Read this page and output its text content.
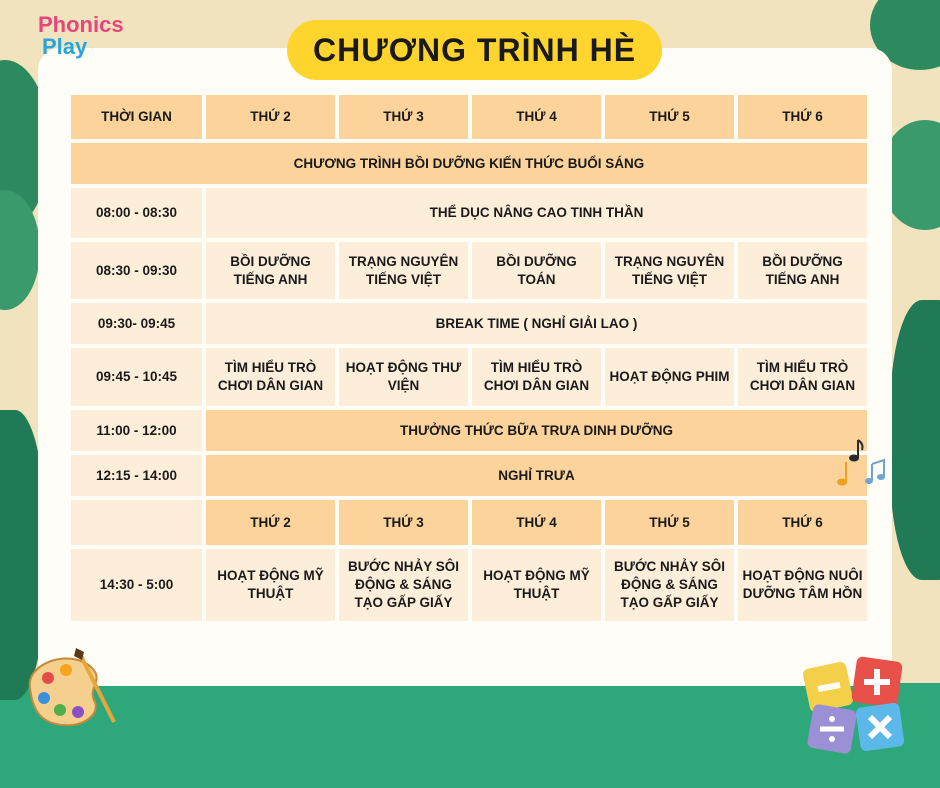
Phonics
Play	CHƯƠNG TRÌNH HÈ
THỜI GIAN	THỨ 2	THỨ 3	THỨ 4	THỨ 5	THỨ 6
CHƯƠNG TRÌNH BỒI DƯỠNG KIẾN THỨC BUỔI SÁNG					
08:00 - 08:30	THỂ DỤC NÂNG CAO TINH THẦN				
08:30 - 09:30	BỒI DƯỠNG TIẾNG ANH	TRẠNG NGUYÊN TIẾNG VIỆT	BỒI DƯỠNG TOÁN	TRẠNG NGUYÊN TIẾNG VIỆT	BỒI DƯỠNG TIẾNG ANH
09:30- 09:45	BREAK TIME ( NGHỈ GIẢI LAO )				
09:45 - 10:45	TÌM HIỂU TRÒ CHƠI DÂN GIAN	HOẠT ĐỘNG THƯ VIỆN	TÌM HIỂU TRÒ CHƠI DÂN GIAN	HOẠT ĐỘNG PHIM	TÌM HIỂU TRÒ CHƠI DÂN GIAN
11:00 - 12:00	THƯỞNG THỨC BỮA TRƯA DINH DƯỠNG				
12:15 - 14:00	NGHỈ TRƯA				
	THỨ 2	THỨ 3	THỨ 4	THỨ 5	THỨ 6
14:30 - 5:00	HOẠT ĐỘNG MỸ THUẬT	BƯỚC NHẢY SÔI ĐỘNG & SÁNG TẠO GẤP GIẤY	HOẠT ĐỘNG MỸ THUẬT	BƯỚC NHẢY SÔI ĐỘNG & SÁNG TẠO GẤP GIẤY	HOẠT ĐỘNG NUÔI DƯỠNG TÂM HỒN
